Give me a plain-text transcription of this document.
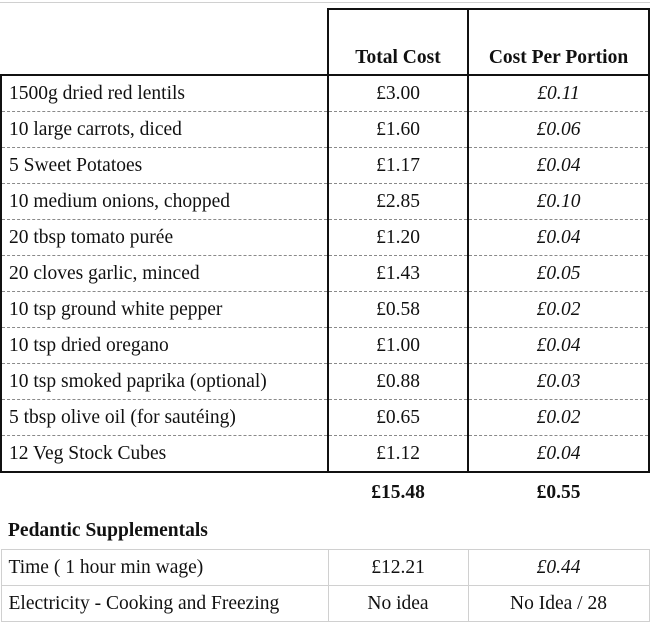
	Total Cost	Cost Per Portion
1500g dried red lentils	£3.00	£0.11
10 large carrots, diced	£1.60	£0.06
5 Sweet Potatoes	£1.17	£0.04
10 medium onions, chopped	£2.85	£0.10
20 tbsp tomato purée	£1.20	£0.04
20 cloves garlic, minced	£1.43	£0.05
10 tsp ground white pepper	£0.58	£0.02
10 tsp dried oregano	£1.00	£0.04
10 tsp smoked paprika (optional)	£0.88	£0.03
5 tbsp olive oil (for sautéing)	£0.65	£0.02
12 Veg Stock Cubes	£1.12	£0.04
	£15.48	£0.55
Pedantic Supplementals		
Time ( 1 hour min wage)	£12.21	£0.44
Electricity - Cooking and Freezing	No idea	No Idea / 28
